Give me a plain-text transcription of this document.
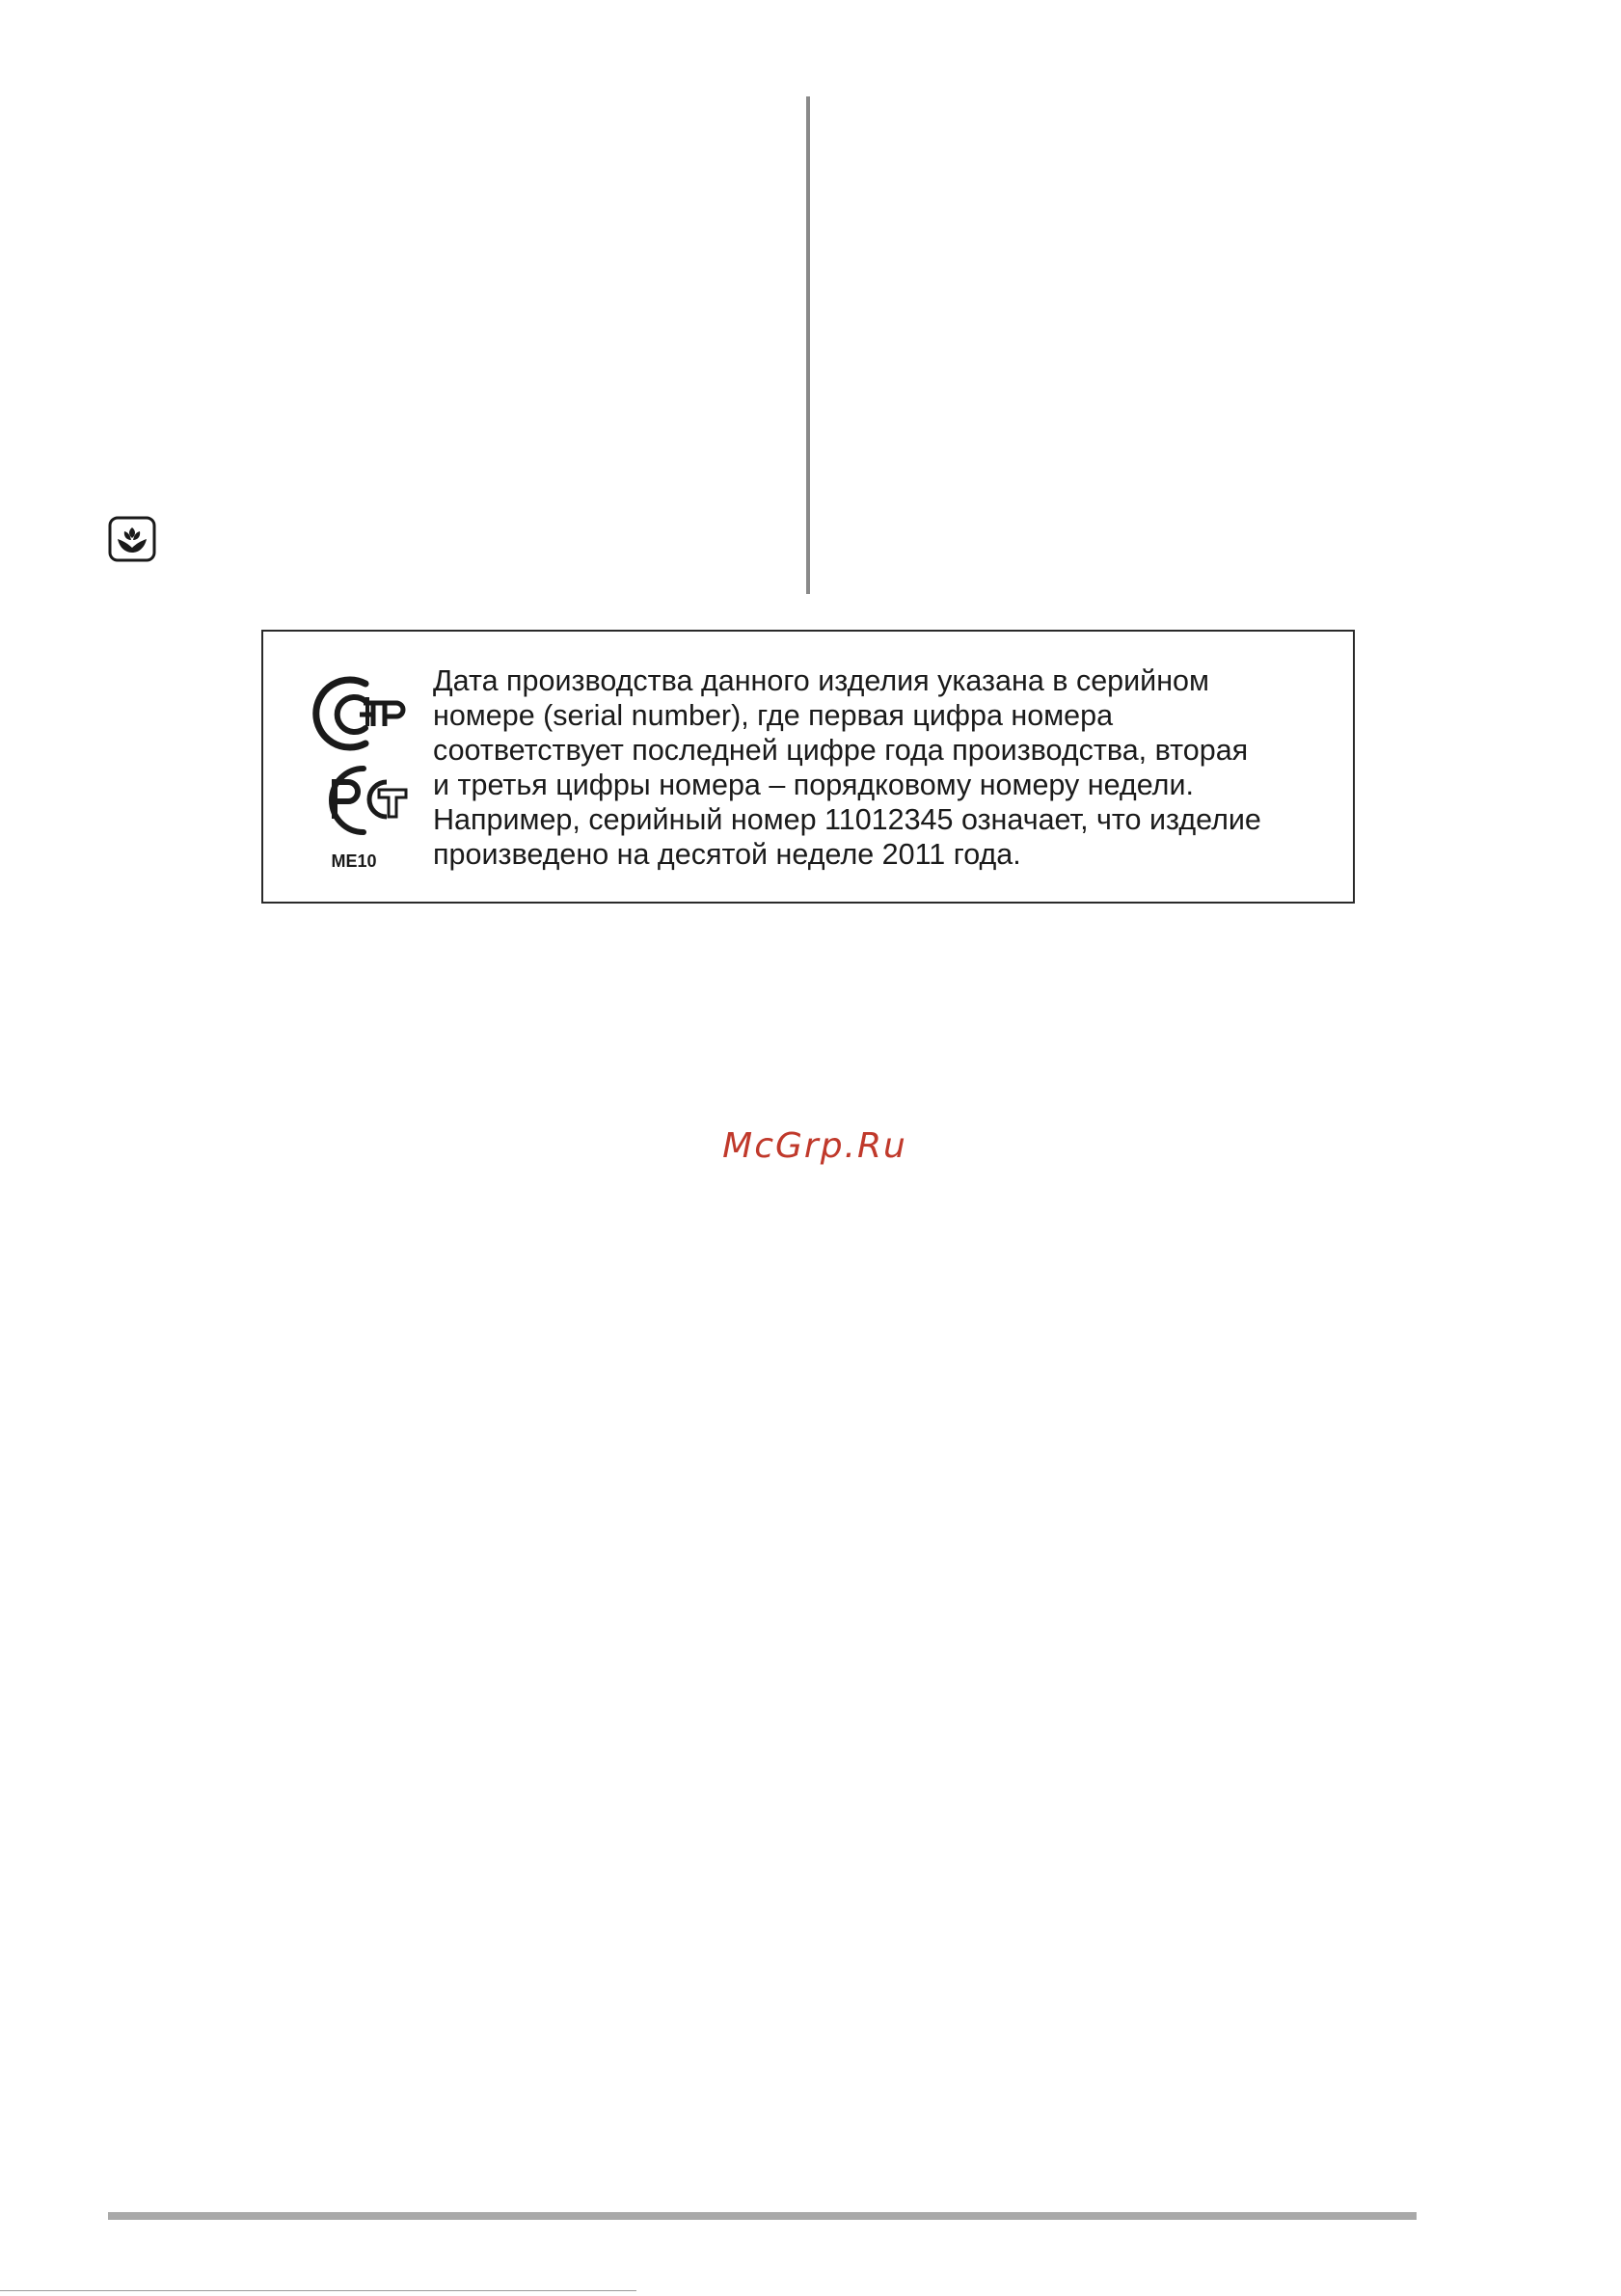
ME10

Дата производства данного изделия указана в серийном
номере (serial number), где первая цифра номера
соответствует последней цифре года производства, вторая
и третья цифры номера – порядковому номеру недели.
Например, серийный номер 11012345 означает, что изделие
произведено на десятой неделе 2011 года.

McGrp.Ru
